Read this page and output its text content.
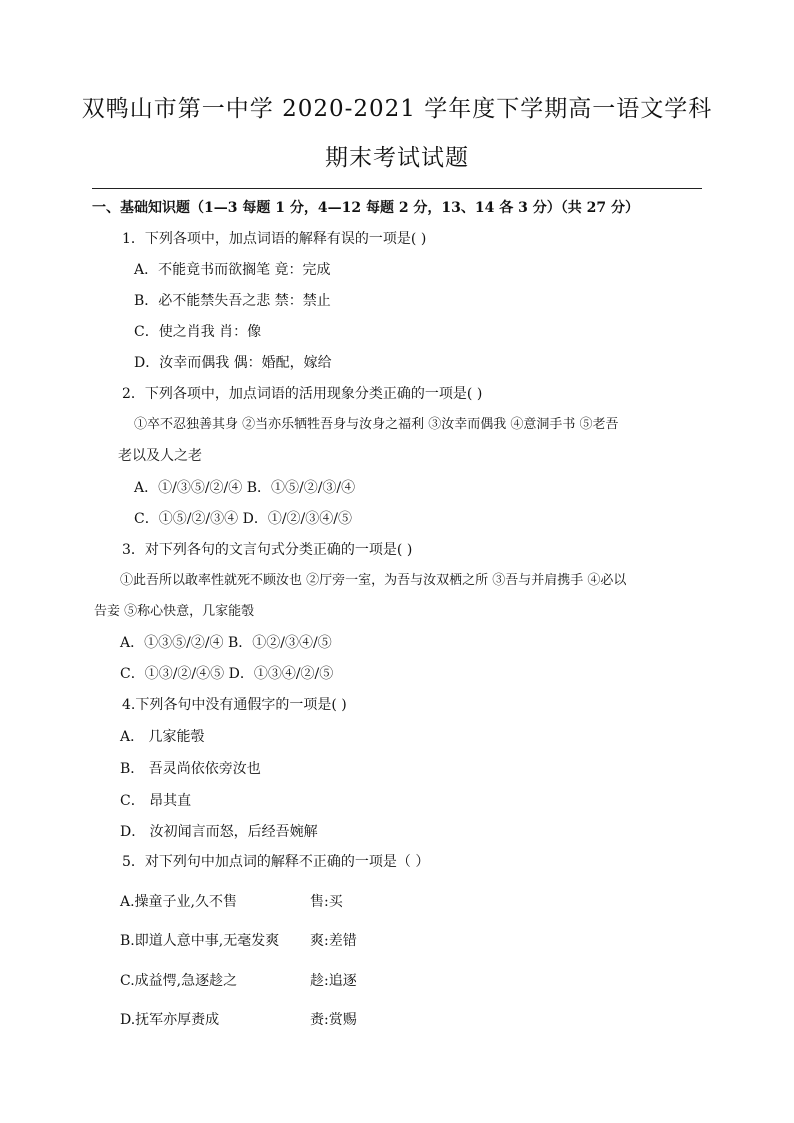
双鸭山市第一中学 2020-2021 学年度下学期高一语文学科
期末考试试题
一、基础知识题（1—3 每题 1 分，4—12 每题 2 分，13、14 各 3 分）（共 27 分）
1．下列各项中，加点词语的解释有误的一项是( )
A．不能竟书而欲搁笔 竟：完成
B．必不能禁失吾之悲 禁：禁止
C．使之肖我 肖：像
D．汝幸而偶我 偶：婚配，嫁给
2．下列各项中，加点词语的活用现象分类正确的一项是( )
①卒不忍独善其身 ②当亦乐牺牲吾身与汝身之福利 ③汝幸而偶我 ④意洞手书 ⑤老吾
老以及人之老
A．①/③⑤/②/④ B．①⑤/②/③/④
C．①⑤/②/③④ D．①/②/③④/⑤
3．对下列各句的文言句式分类正确的一项是( )
①此吾所以敢率性就死不顾汝也 ②厅旁一室，为吾与汝双栖之所 ③吾与并肩携手 ④必以
告妾 ⑤称心快意，几家能彀
A．①③⑤/②/④ B．①②/③④/⑤
C．①③/②/④⑤ D．①③④/②/⑤
4.下列各句中没有通假字的一项是( )
A． 几家能彀
B． 吾灵尚依依旁汝也
C． 昂其直
D． 汝初闻言而怒，后经吾婉解
5．对下列句中加点词的解释不正确的一项是（ ）
A.操童子业,久不售	售:买
B.即道人意中事,无毫发爽 爽:差错
C.成益愕,急逐趁之	趁:追逐
D.抚军亦厚赉成	赉:赏赐
